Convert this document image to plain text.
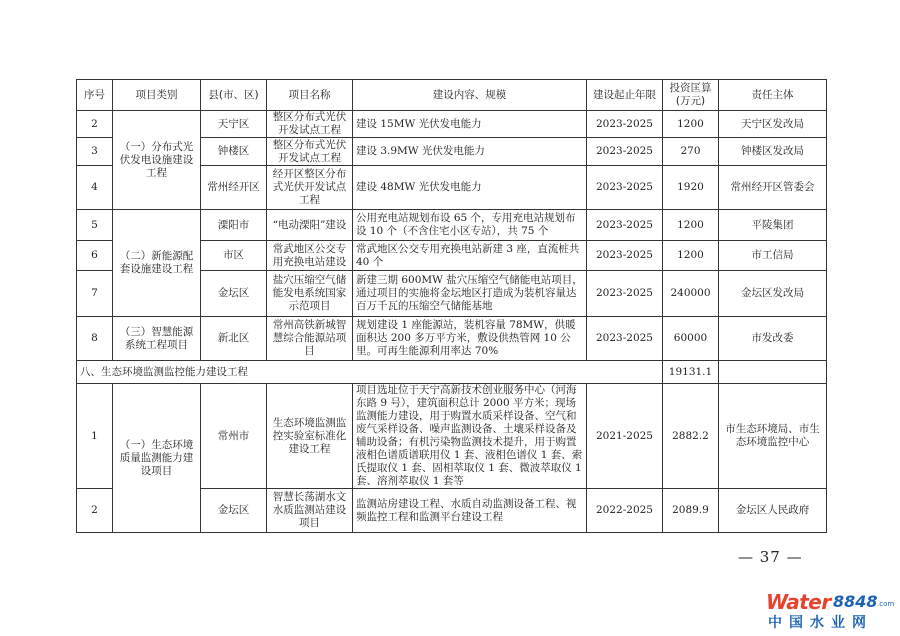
序号	项目类别	县(市、区)	项目名称	建设内容、规模	建设起止年限	投资匡算(万元)	责任主体
2	（一）分布式光伏发电设施建设工程	天宁区	整区分布式光伏开发试点工程	建设 15MW 光伏发电能力	2023-2025	1200	天宁区发改局
3		钟楼区	整区分布式光伏开发试点工程	建设 3.9MW 光伏发电能力	2023-2025	270	钟楼区发改局
4		常州经开区	经开区整区分布式光伏开发试点工程	建设 48MW 光伏发电能力	2023-2025	1920	常州经开区管委会
5	（二）新能源配套设施建设工程	溧阳市	“电动溧阳”建设	公用充电站规划布设 65 个，专用充电站规划布设 10 个（不含住宅小区专站），共 75 个	2023-2025	1200	平陵集团
6		市区	常武地区公交专用充换电站建设	常武地区公交专用充换电站新建 3 座，直流桩共 40 个	2023-2025	1200	市工信局
7		金坛区	盐穴压缩空气储能发电系统国家示范项目	新建三期 600MW 盐穴压缩空气储能电站项目，通过项目的实施将金坛地区打造成为装机容量达百万千瓦的压缩空气储能基地	2023-2025	240000	金坛区发改局
8	（三）智慧能源系统工程项目	新北区	常州高铁新城智慧综合能源站项目	规划建设 1 座能源站，装机容量 78MW，供暖面积达 200 多万平方米，敷设供热管网 10 公里。可再生能源利用率达 70%	2023-2025	60000	市发改委
八、生态环境监测监控能力建设工程						19131.1	
1	（一）生态环境质量监测能力建设项目	常州市	生态环境监测监控实验室标准化建设工程	项目选址位于天宁高新技术创业服务中心（河海东路 9 号），建筑面积总计 2000 平方米；现场监测能力建设，用于购置水质采样设备、空气和废气采样设备、噪声监测设备、土壤采样设备及辅助设备；有机污染物监测技术提升，用于购置液相色谱质谱联用仪 1 套、液相色谱仪 1 套、索氏提取仪 1 套、固相萃取仪 1 套、微波萃取仪 1 套、溶剂萃取仪 1 套等	2021-2025	2882.2	市生态环境局、市生态环境监控中心
2		金坛区	智慧长荡湖水文水质监测站建设项目	监测站房建设工程、水质自动监测设备工程、视频监控工程和监测平台建设工程	2022-2025	2089.9	金坛区人民政府
— 37 —
Water 8848 .com
中国水业网
